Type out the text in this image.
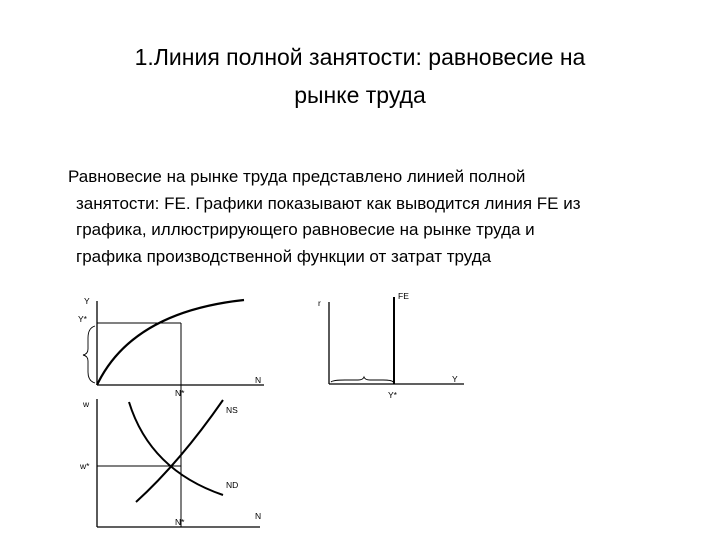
1.Линия полной занятости: равновесие на
рынке труда
Равновесие на рынке труда представлено линией полной
занятости: FE. Графики показывают как выводится линия FE из
графика, иллюстрирующего равновесие на рынке труда и
графика производственной функции от затрат труда
Y
Y*
N
N*
w
w*
NS
ND
N*
N
r
FE
Y
Y*
